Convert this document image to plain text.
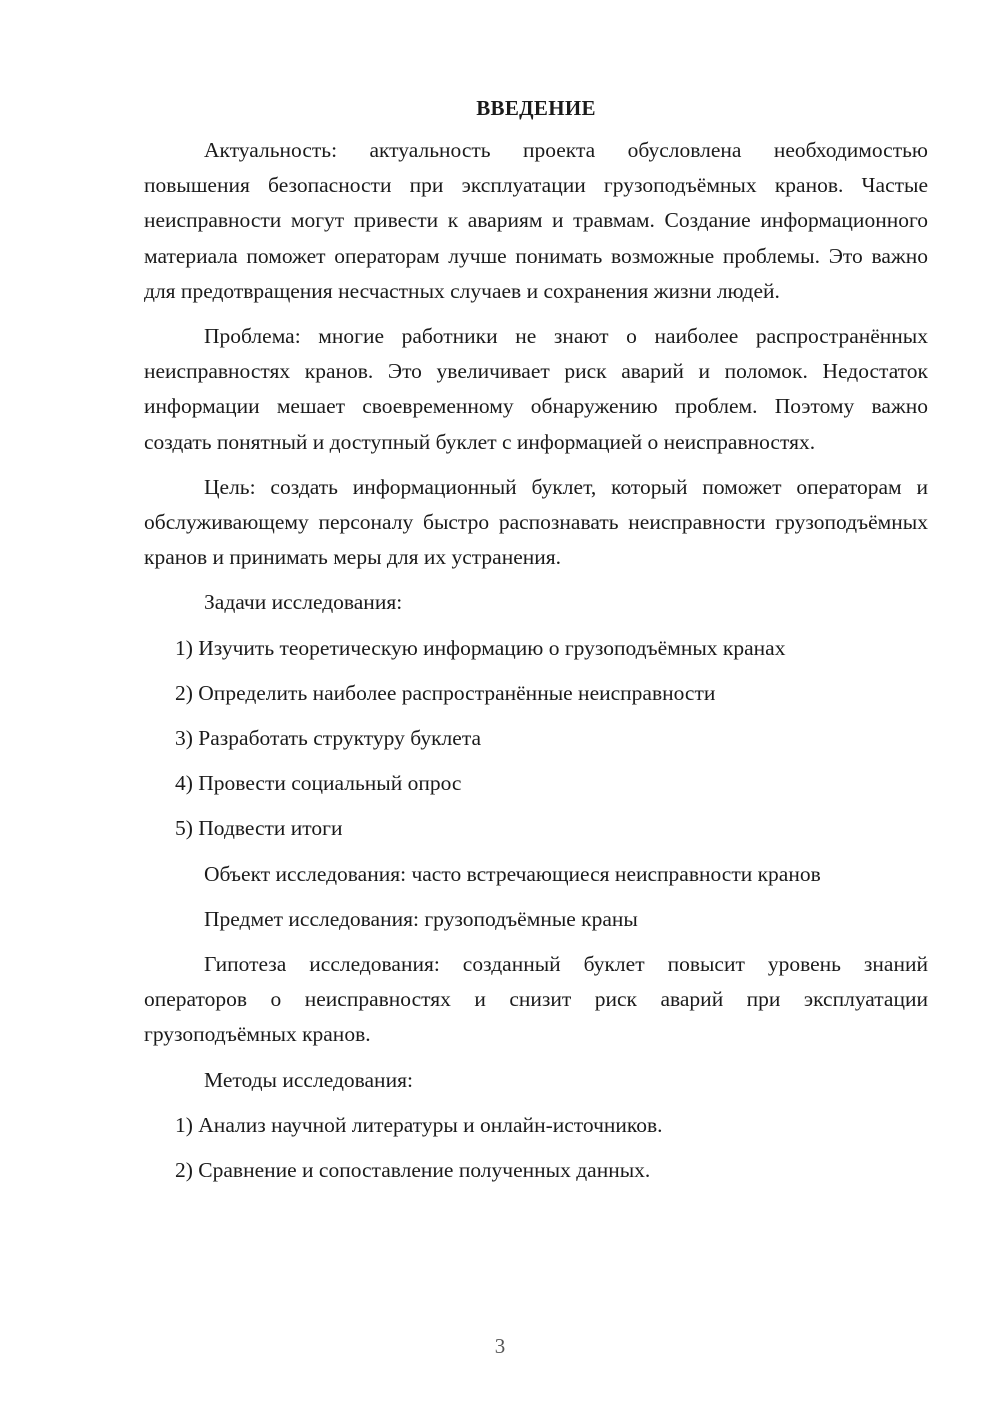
ВВЕДЕНИЕ

Актуальность: актуальность проекта обусловлена необходимостью повышения безопасности при эксплуатации грузоподъёмных кранов. Частые неисправности могут привести к авариям и травмам. Создание информационного материала поможет операторам лучше понимать возможные проблемы. Это важно для предотвращения несчастных случаев и сохранения жизни людей.

Проблема: многие работники не знают о наиболее распространённых неисправностях кранов. Это увеличивает риск аварий и поломок. Недостаток информации мешает своевременному обнаружению проблем. Поэтому важно создать понятный и доступный буклет с информацией о неисправностях.

Цель: создать информационный буклет, который поможет операторам и обслуживающему персоналу быстро распознавать неисправности грузоподъёмных кранов и принимать меры для их устранения.

Задачи исследования:
1) Изучить теоретическую информацию о грузоподъёмных кранах
2) Определить наиболее распространённые неисправности
3) Разработать структуру буклета
4) Провести социальный опрос
5) Подвести итоги
Объект исследования: часто встречающиеся неисправности кранов
Предмет исследования: грузоподъёмные краны

Гипотеза исследования: созданный буклет повысит уровень знаний операторов о неисправностях и снизит риск аварий при эксплуатации грузоподъёмных кранов.

Методы исследования:
1) Анализ научной литературы и онлайн-источников.
2) Сравнение и сопоставление полученных данных.
3
